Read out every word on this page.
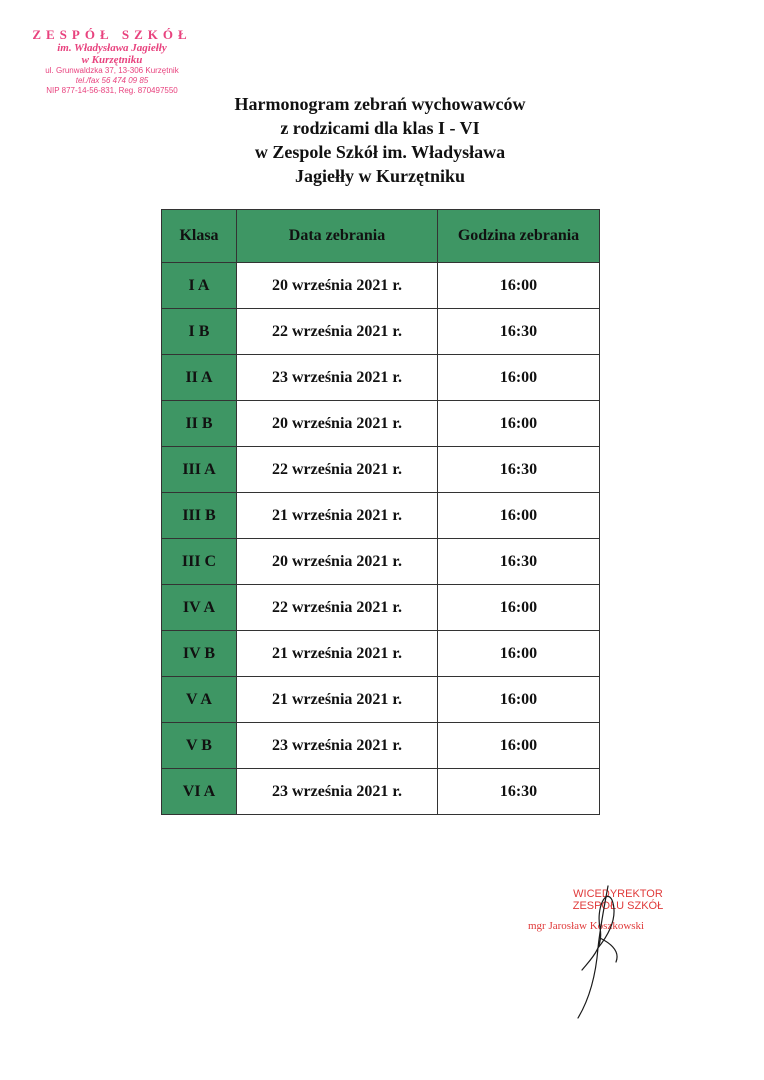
ZESPÓŁ SZKÓŁ
im. Władysława Jagiełły
w Kurzętniku
ul. Grunwaldzka 37, 13-306 Kurzętnik
tel./fax 56 474 09 85
NIP 877-14-56-831, Reg. 870497550
Harmonogram zebrań wychowawców
z rodzicami dla klas I - VI
w Zespole Szkół im. Władysława
Jagiełły w Kurzętniku
Klasa	Data zebrania	Godzina zebrania
I A	20 września 2021 r.	16:00
I B	22 września 2021 r.	16:30
II A	23 września 2021 r.	16:00
II B	20 września 2021 r.	16:00
III A	22 września 2021 r.	16:30
III B	21 września 2021 r.	16:00
III C	20 września 2021 r.	16:30
IV A	22 września 2021 r.	16:00
IV B	21 września 2021 r.	16:00
V A	21 września 2021 r.	16:00
V B	23 września 2021 r.	16:00
VI A	23 września 2021 r.	16:30
WICEDYREKTOR
ZESPOŁU SZKÓŁ
mgr Jarosław Koszkowski
